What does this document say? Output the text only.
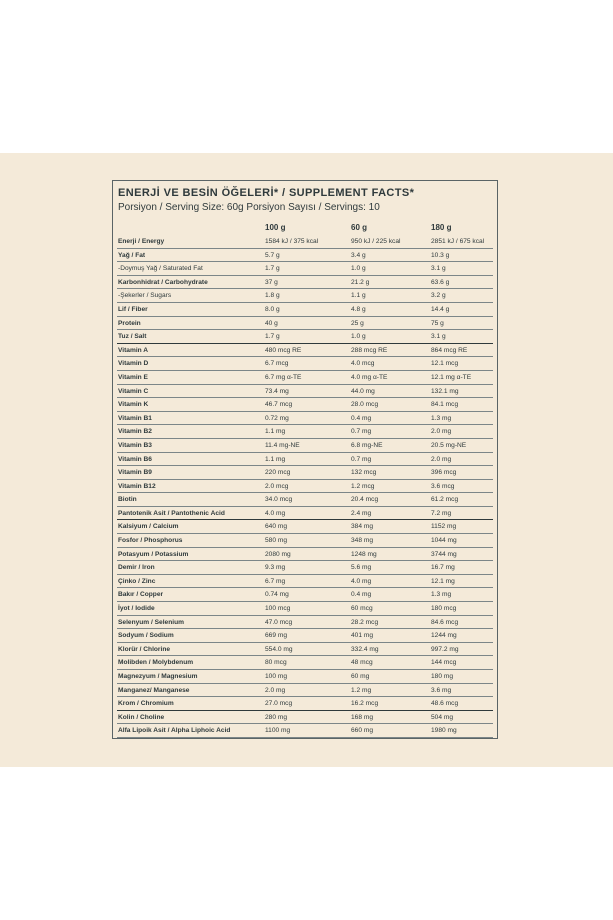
ENERJİ VE BESİN ÖĞELERİ* / SUPPLEMENT FACTS*
Porsiyon / Serving Size: 60g Porsiyon Sayısı / Servings: 10
100 g	60 g	180 g
Enerji / Energy	1584 kJ / 375 kcal	950 kJ / 225 kcal	2851 kJ / 675 kcal
Yağ / Fat	5.7 g	3.4 g	10.3 g
-Doymuş Yağ / Saturated Fat	1.7 g	1.0 g	3.1 g
Karbonhidrat / Carbohydrate	37 g	21.2 g	63.6 g
-Şekerler / Sugars	1.8 g	1.1 g	3.2 g
Lif / Fiber	8.0 g	4.8 g	14.4 g
Protein	40 g	25 g	75 g
Tuz / Salt	1.7 g	1.0 g	3.1 g
Vitamin A	480 mcg RE	288 mcg RE	864 mcg RE
Vitamin D	6.7 mcg	4.0 mcg	12.1 mcg
Vitamin E	6.7 mg α-TE	4.0 mg α-TE	12.1 mg α-TE
Vitamin C	73.4 mg	44.0 mg	132.1 mg
Vitamin K	46.7 mcg	28.0 mcg	84.1 mcg
Vitamin B1	0.72 mg	0.4 mg	1.3 mg
Vitamin B2	1.1 mg	0.7 mg	2.0 mg
Vitamin B3	11.4 mg-NE	6.8 mg-NE	20.5 mg-NE
Vitamin B6	1.1 mg	0.7 mg	2.0 mg
Vitamin B9	220 mcg	132 mcg	396 mcg
Vitamin B12	2.0 mcg	1.2 mcg	3.6 mcg
Biotin	34.0 mcg	20.4 mcg	61.2 mcg
Pantotenik Asit / Pantothenic Acid	4.0 mg	2.4 mg	7.2 mg
Kalsiyum / Calcium	640 mg	384 mg	1152 mg
Fosfor / Phosphorus	580 mg	348 mg	1044 mg
Potasyum / Potassium	2080 mg	1248 mg	3744 mg
Demir / Iron	9.3 mg	5.6 mg	16.7 mg
Çinko / Zinc	6.7 mg	4.0 mg	12.1 mg
Bakır / Copper	0.74 mg	0.4 mg	1.3 mg
İyot / Iodide	100 mcg	60 mcg	180 mcg
Selenyum / Selenium	47.0 mcg	28.2 mcg	84.6 mcg
Sodyum / Sodium	669 mg	401 mg	1244 mg
Klorür / Chlorine	554.0 mg	332.4 mg	997.2 mg
Molibden / Molybdenum	80 mcg	48 mcg	144 mcg
Magnezyum / Magnesium	100 mg	60 mg	180 mg
Manganez/ Manganese	2.0 mg	1.2 mg	3.6 mg
Krom / Chromium	27.0 mcg	16.2 mcg	48.6 mcg
Kolin / Choline	280 mg	168 mg	504 mg
Alfa Lipoik Asit / Alpha Liphoic Acid	1100 mg	660 mg	1980 mg
